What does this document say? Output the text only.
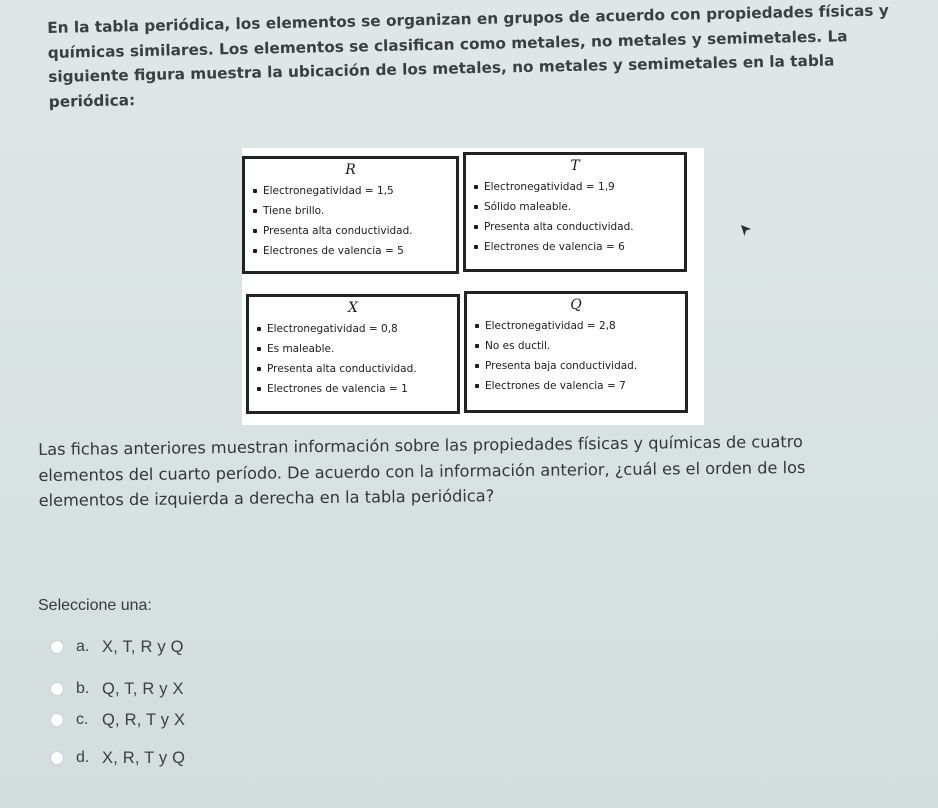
En la tabla periódica, los elementos se organizan en grupos de acuerdo con propiedades físicas y
químicas similares. Los elementos se clasifican como metales, no metales y semimetales. La
siguiente figura muestra la ubicación de los metales, no metales y semimetales en la tabla
periódica:
R
Electronegatividad = 1,5
Tiene brillo.
Presenta alta conductividad.
Electrones de valencia = 5
T
Electronegatividad = 1,9
Sólido maleable.
Presenta alta conductividad.
Electrones de valencia = 6
X
Electronegatividad = 0,8
Es maleable.
Presenta alta conductividad.
Electrones de valencia = 1
Q
Electronegatividad = 2,8
No es ductil.
Presenta baja conductividad.
Electrones de valencia = 7
Las fichas anteriores muestran información sobre las propiedades físicas y químicas de cuatro
elementos del cuarto período. De acuerdo con la información anterior, ¿cuál es el orden de los
elementos de izquierda a derecha en la tabla periódica?
Seleccione una:
a. X, T, R y Q
b. Q, T, R y X
c. Q, R, T y X
d. X, R, T y Q
